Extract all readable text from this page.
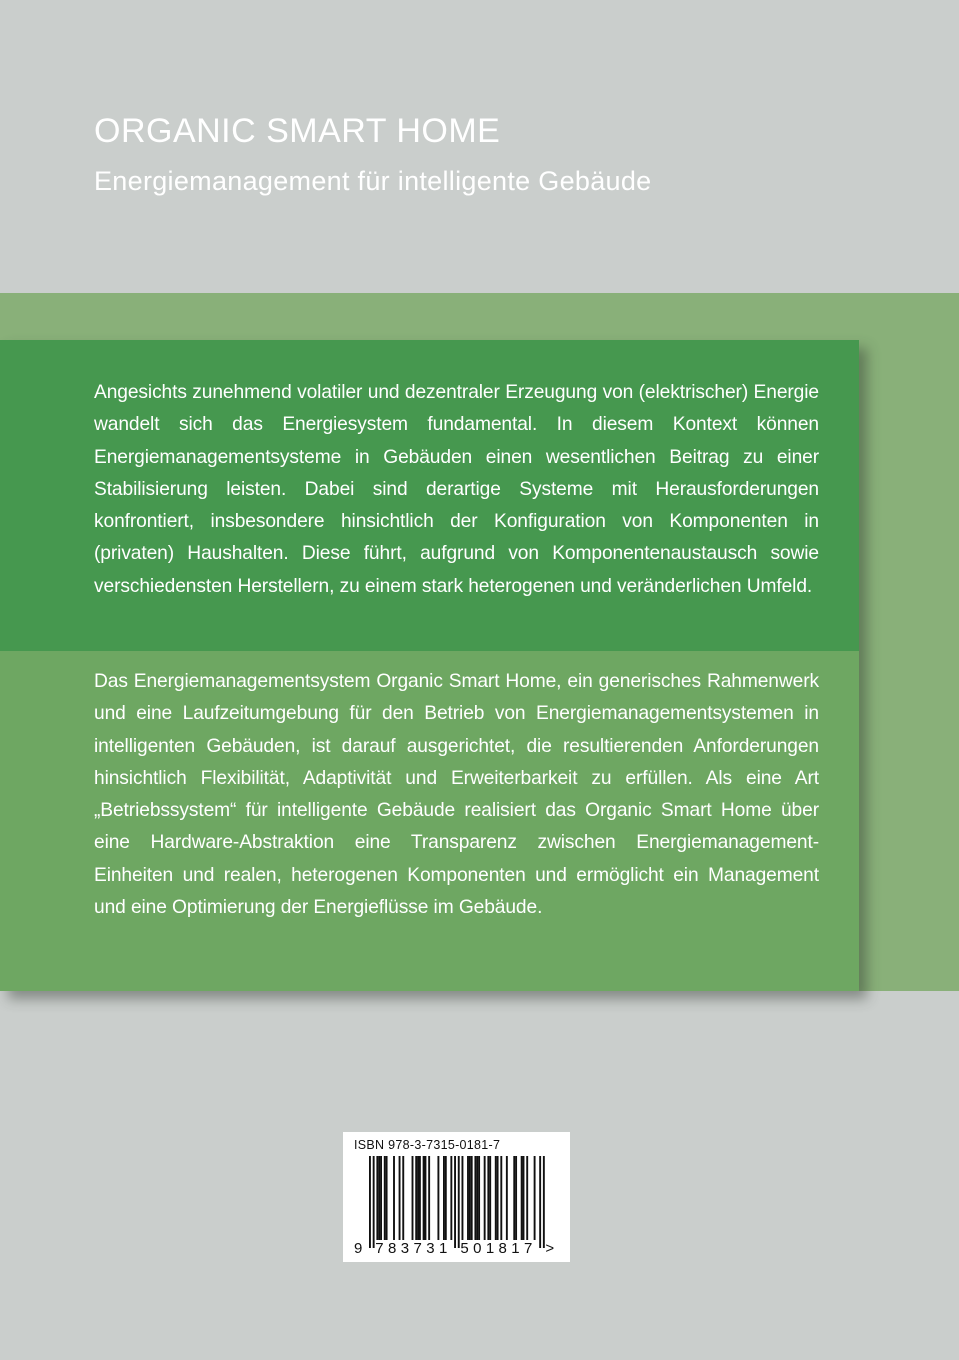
ORGANIC SMART HOME
Energiemanagement für intelligente Gebäude

Angesichts zunehmend volatiler und dezentraler Erzeugung von (elektrischer) Energie wandelt sich das Energiesystem fundamental. In diesem Kontext können Energiemanagementsysteme in Gebäuden einen wesentlichen Beitrag zu einer Stabilisierung leisten. Dabei sind derartige Systeme mit Herausforderungen konfrontiert, insbesondere hinsichtlich der Konfiguration von Komponenten in (privaten) Haushalten. Diese führt, aufgrund von Komponentenaustausch sowie verschiedensten Herstellern, zu einem stark heterogenen und veränderlichen Umfeld.

Das Energiemanagementsystem Organic Smart Home, ein generisches Rahmenwerk und eine Laufzeitumgebung für den Betrieb von Energiemanagementsystemen in intelligenten Gebäuden, ist darauf ausgerichtet, die resultierenden Anforderungen hinsichtlich Flexibilität, Adaptivität und Erweiterbarkeit zu erfüllen. Als eine Art „Betriebssystem“ für intelligente Gebäude realisiert das Organic Smart Home über eine Hardware-Abstraktion eine Transparenz zwischen Energiemanagement-Einheiten und realen, heterogenen Komponenten und ermöglicht ein Management und eine Optimierung der Energieflüsse im Gebäude.

ISBN 978-3-7315-0181-7
9 783731 501817 >
